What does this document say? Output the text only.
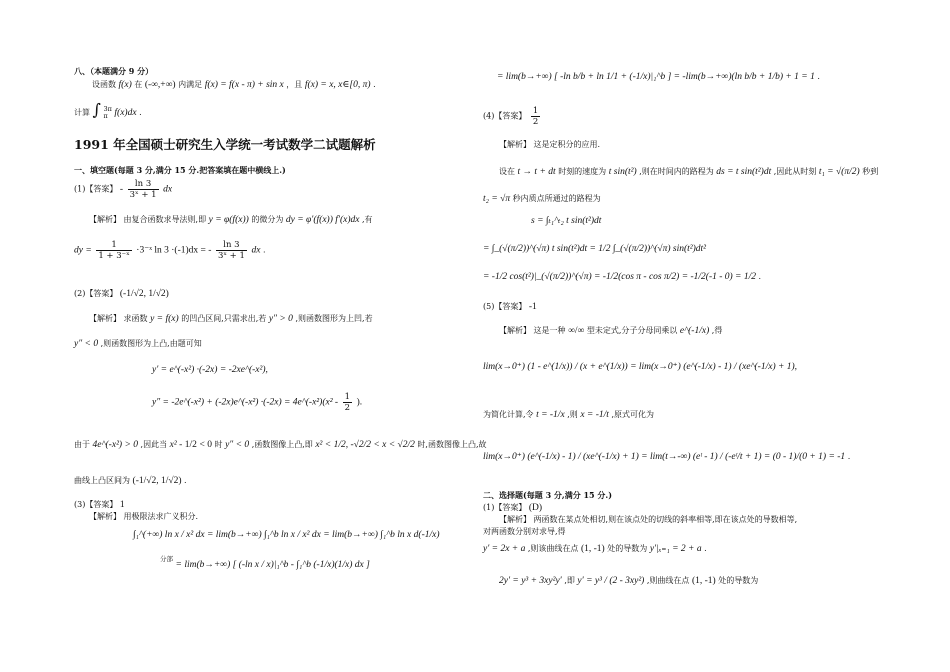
八、（本题满分 9 分）
设函数 f(x) 在 (-∞,+∞) 内满足 f(x) = f(x - π) + sin x ，且 f(x) = x, x∈[0, π) .
计算 ∫ 3π
π f(x)dx .
1991 年全国硕士研究生入学统一考试数学二试题解析
一、填空题(每题 3 分,满分 15 分.把答案填在题中横线上.)
(1)【答案】 - $\frac{\ln 3}{\text{3ˣ + 1}}$ dx
【解析】 由复合函数求导法则,即 y = φ(f(x)) 的微分为 dy = φ′(f(x)) f′(x)dx ,有
dy = $\frac{1}{\text{1 + 3⁻ˣ}}$ ·3⁻ˣ ln 3 ·(-1)dx = - $\frac{\ln 3}{\text{3ˣ + 1}}$ dx .
(2)【答案】 (-1/√2, 1/√2)
【解析】 求函数 y = f(x) 的凹凸区间,只需求出,若 y″ > 0 ,则函数图形为上凹,若
y″ < 0 ,则函数图形为上凸,由题可知
y′ = e^(-x²) ·(-2x) = -2xe^(-x²),
y″ = -2e^(-x²) + (-2x)e^(-x²) ·(-2x) = 4e^(-x²)(x² - $\frac{1}{2}$ ).
由于 4e^(-x²) > 0 ,因此当 x² - 1/2 < 0 时 y″ < 0 ,函数图像上凸,即 x² < 1/2, -√2/2 < x < √2/2 时,函数图像上凸,故
曲线上凸区间为 (-1/√2, 1/√2) .
(3)【答案】 1
【解析】 用极限法求广义积分.
∫₁^(+∞) ln x / x² dx = lim(b→+∞) ∫₁^b ln x / x² dx = lim(b→+∞) ∫₁^b ln x d(-1/x)
$^{分部}$ = lim(b→+∞) [ (-ln x / x)|₁^b - ∫₁^b (-1/x)(1/x) dx ]
= lim(b→+∞) [ -ln b/b + ln 1/1 + (-1/x)|₁^b ] = -lim(b→+∞)(ln b/b + 1/b) + 1 = 1 .
(4)【答案】 $\frac{1}{2}$
【解析】 这是定积分的应用.
设在 t → t + dt 时刻的速度为 t sin(t²) ,则在时间内的路程为 ds = t sin(t²)dt ,因此从时刻 t₁ = √(π/2) 秒到
t₂ = √π 秒内质点所通过的路程为
s = ∫ₜ₁^ₜ₂ t sin(t²)dt
= ∫_(√(π/2))^(√π) t sin(t²)dt = 1/2 ∫_(√(π/2))^(√π) sin(t²)dt²
= -1/2 cos(t²)|_(√(π/2))^(√π) = -1/2(cos π - cos π/2) = -1/2(-1 - 0) = 1/2 .
(5)【答案】 -1
【解析】 这是一种 ∞/∞ 型未定式,分子分母同乘以 e^(-1/x) ,得
lim(x→0⁺) (1 - e^(1/x)) / (x + e^(1/x)) = lim(x→0⁺) (e^(-1/x) - 1) / (xe^(-1/x) + 1),
为简化计算,令 t = -1/x ,则 x = -1/t ,原式可化为
lim(x→0⁺) (e^(-1/x) - 1) / (xe^(-1/x) + 1) = lim(t→-∞) (eᵗ - 1) / (-eᵗ/t + 1) = (0 - 1)/(0 + 1) = -1 .
二、选择题(每题 3 分,满分 15 分.)
(1)【答案】 (D)
【解析】 两函数在某点处相切,则在该点处的切线的斜率相等,即在该点处的导数相等,
对两函数分别对求导,得
y′ = 2x + a ,则该曲线在点 (1, -1) 处的导数为 y′|ₓ₌₁ = 2 + a .
2y′ = y³ + 3xy²y′ ,即 y′ = y³ / (2 - 3xy²) ,则曲线在点 (1, -1) 处的导数为
